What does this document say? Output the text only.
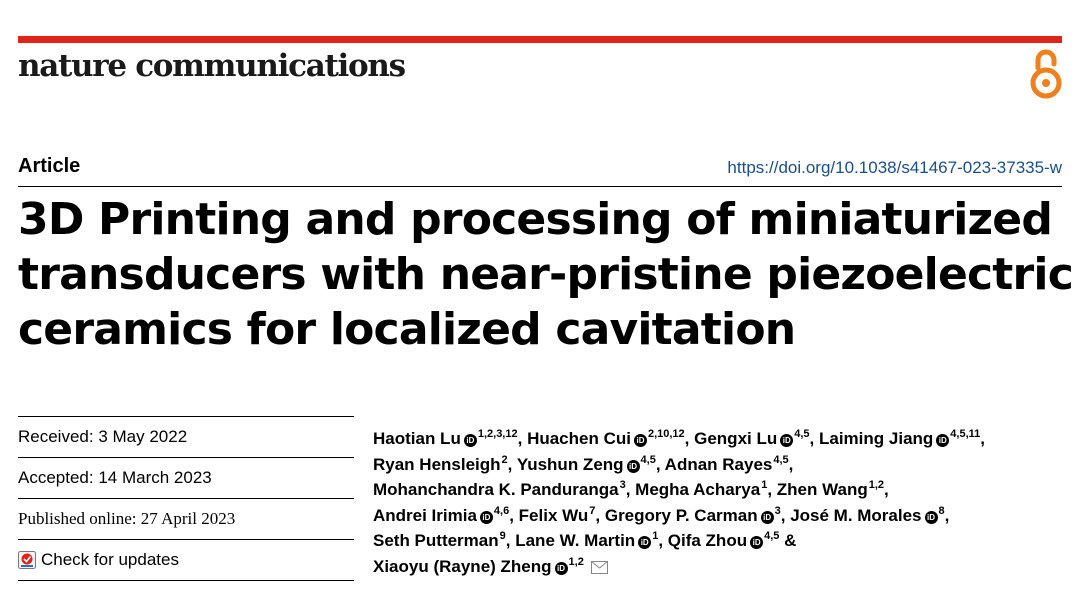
nature communications
Article	https://doi.org/10.1038/s41467-023-37335-w
3D Printing and processing of miniaturized
transducers with near-pristine piezoelectric
ceramics for localized cavitation
Received: 3 May 2022
Accepted: 14 March 2023
Published online: 27 April 2023
Check for updates
Haotian Lu iD$^{1,2,3,12}$, Huachen Cui iD$^{2,10,12}$, Gengxi Lu iD$^{4,5}$, Laiming Jiang iD$^{4,5,11}$,
Ryan Hensleigh$^2$, Yushun Zeng iD$^{4,5}$, Adnan Rayes$^{4,5}$,
Mohanchandra K. Panduranga$^3$, Megha Acharya$^1$, Zhen Wang$^{1,2}$,
Andrei Irimia iD$^{4,6}$, Felix Wu$^7$, Gregory P. Carman $iD^3$, José M. Morales $iD^8$,
Seth Putterman$^9$, Lane W. Martin $iD^1$, Qifa Zhou iD$^{4,5}$ &
Xiaoyu (Rayne) Zheng iD$^{1,2}$
